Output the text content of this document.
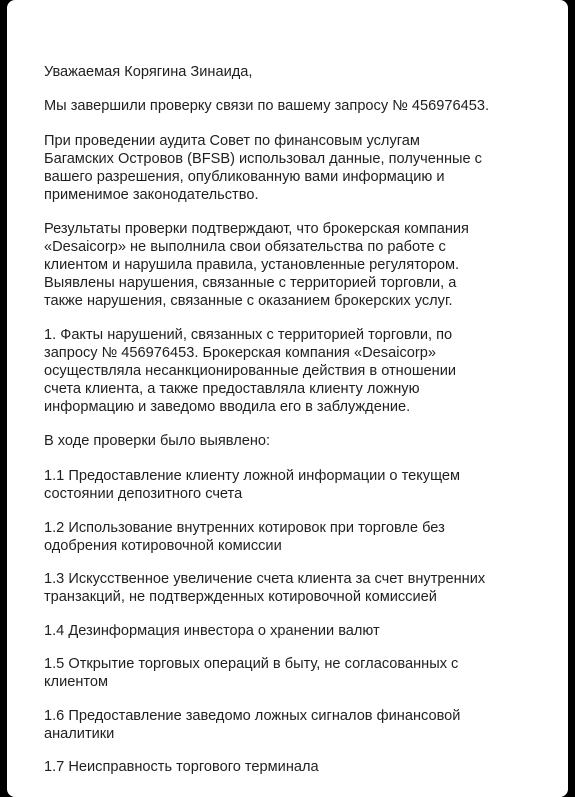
Уважаемая Корягина Зинаида,

Мы завершили проверку связи по вашему запросу № 456976453.

При проведении аудита Совет по финансовым услугам
Багамских Островов (BFSB) использовал данные, полученные с
вашего разрешения, опубликованную вами информацию и
применимое законодательство.

Результаты проверки подтверждают, что брокерская компания
«Desaicorp» не выполнила свои обязательства по работе с
клиентом и нарушила правила, установленные регулятором.
Выявлены нарушения, связанные с территорией торговли, а
также нарушения, связанные с оказанием брокерских услуг.

1. Факты нарушений, связанных с территорией торговли, по
запросу № 456976453. Брокерская компания «Desaicorp»
осуществляла несанкционированные действия в отношении
счета клиента, а также предоставляла клиенту ложную
информацию и заведомо вводила его в заблуждение.

В ходе проверки было выявлено:

1.1 Предоставление клиенту ложной информации о текущем
состоянии депозитного счета

1.2 Использование внутренних котировок при торговле без
одобрения котировочной комиссии

1.3 Искусственное увеличение счета клиента за счет внутренних
транзакций, не подтвержденных котировочной комиссией

1.4 Дезинформация инвестора о хранении валют

1.5 Открытие торговых операций в быту, не согласованных с
клиентом

1.6 Предоставление заведомо ложных сигналов финансовой
аналитики

1.7 Неисправность торгового терминала
